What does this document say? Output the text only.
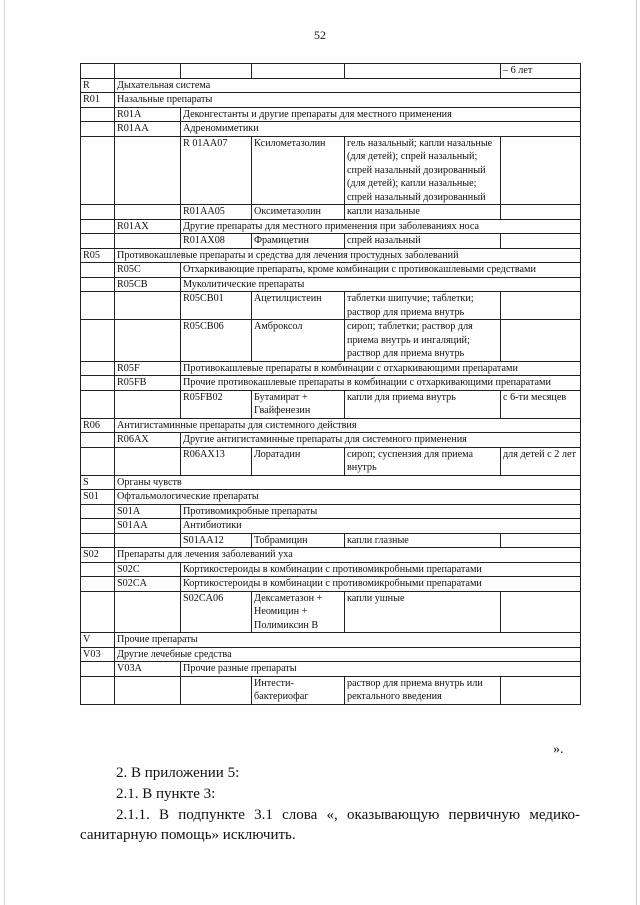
52
					– 6 лет
R	Дыхательная система				
R01	Назальные препараты				
	R01A	Деконгестанты и другие препараты для местного применения			
	R01AA	Адреномиметики			
		R 01AA07	Ксилометазолин	гель назальный; капли назальные (для детей); спрей назальный; спрей назальный дозированный (для детей); капли назальные; спрей назальный дозированный	
		R01AA05	Оксиметазолин	капли назальные	
	R01AX	Другие препараты для местного применения при заболеваниях носа			
		R01AX08	Фрамицетин	спрей назальный	
R05	Противокашлевые препараты и средства для лечения простудных заболеваний				
	R05C	Отхаркивающие препараты, кроме комбинации с противокашлевыми средствами			
	R05CB	Муколитические препараты			
		R05CB01	Ацетилцистеин	таблетки шипучие; таблетки; раствор для приема внутрь	
		R05CB06	Амброксол	сироп; таблетки; раствор для приема внутрь и ингаляций; раствор для приема внутрь	
	R05F	Противокашлевые препараты в комбинации с отхаркивающими препаратами			
	R05FB	Прочие противокашлевые препараты в комбинации с отхаркивающими препаратами			
		R05FB02	Бутамират + Гвайфенезин	капли для приема внутрь	с 6-ти месяцев
R06	Антигистаминные препараты для системного действия				
	R06AX	Другие антигистаминные препараты для системного применения			
		R06AX13	Лоратадин	сироп; суспензия для приема внутрь	для детей с 2 лет
S	Органы чувств				
S01	Офтальмологические препараты				
	S01A	Противомикробные препараты			
	S01AA	Антибиотики			
		S01AA12	Тобрамицин	капли глазные	
S02	Препараты для лечения заболеваний уха				
	S02C	Кортикостероиды в комбинации с противомикробными препаратами			
	S02CA	Кортикостероиды в комбинации с противомикробными препаратами			
		S02CA06	Дексаметазон + Неомицин + Полимиксин В	капли ушные	
V	Прочие препараты				
V03	Другие лечебные средства				
	V03A	Прочие разные препараты			
			Интести-бактериофаг	раствор для приема внутрь или ректального введения	
».

2. В приложении 5:

2.1. В пункте 3:

2.1.1. В подпункте 3.1 слова «, оказывающую первичную медико-санитарную помощь» исключить.
